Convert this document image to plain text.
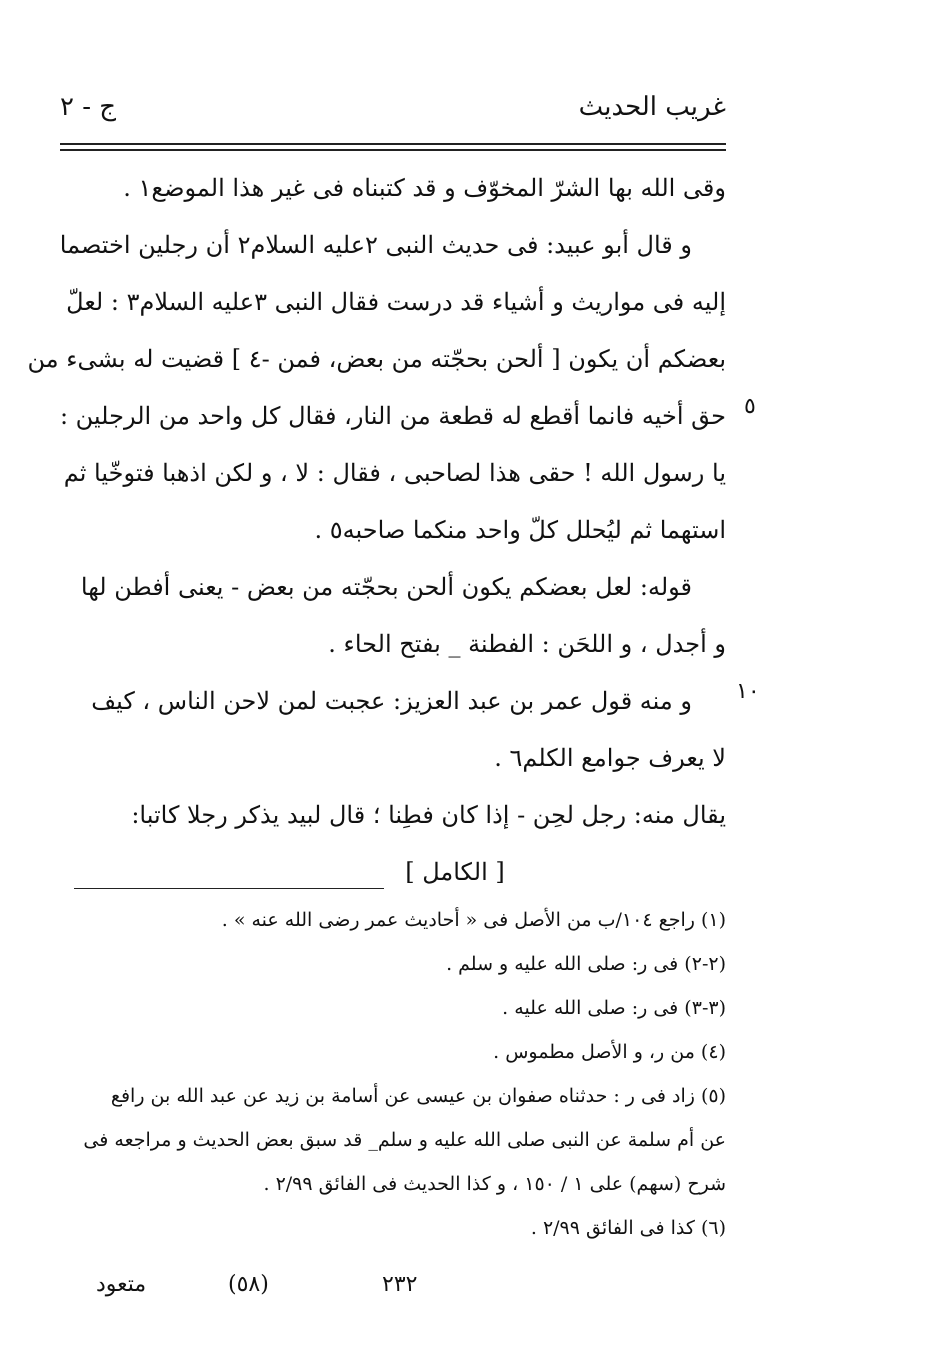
غريب الحديث
ج - ٢
وقى الله بها الشرّ المخوّف و قد كتبناه فى غير هذا الموضع١ .
و قال أبو عبيد: فى حديث النبى ٢عليه السلام٢ أن رجلين اختصما
إليه فى مواريث و أشياء قد درست فقال النبى ٣عليه السلام٣ : لعلّ
بعضكم أن يكون [ ألحن بحجّته من بعض، فمن -٤ ] قضيت له بشىء من
حق أخيه فانما أقطع له قطعة من النار، فقال كل واحد من الرجلين :
يا رسول الله ! حقى هذا لصاحبى ، فقال : لا ، و لكن اذهبا فتوخّيا ثم
استهما ثم ليُحلل كلّ واحد منكما صاحبه٥ .
قوله: لعل بعضكم يكون ألحن بحجّته من بعض - يعنى أفطن لها
و أجدل ، و اللحَن : الفطنة _ بفتح الحاء .
و منه قول عمر بن عبد العزيز: عجبت لمن لاحن الناس ، كيف
لا يعرف جوامع الكلم٦ .
يقال منه: رجل لحِن - إذا كان فطِنا ؛ قال لبيد يذكر رجلا كاتبا:
[ الكامل ]
٥
١٠
(١) راجع ١٠٤/ب من الأصل فى « أحاديث عمر رضى الله عنه » .
(٢-٢) فى ر: صلى الله عليه و سلم .
(٣-٣) فى ر: صلى الله عليه .
(٤) من ر، و الأصل مطموس .
(٥) زاد فى ر : حدثناه صفوان بن عيسى عن أسامة بن زيد عن عبد الله بن رافع
عن أم سلمة عن النبى صلى الله عليه و سلم_ قد سبق بعض الحديث و مراجعه فى
شرح (سهم) على ١ / ١٥٠ ، و كذا الحديث فى الفائق ٢/٩٩ .
(٦) كذا فى الفائق ٢/٩٩ .
متعود	(٥٨)	٢٣٢
